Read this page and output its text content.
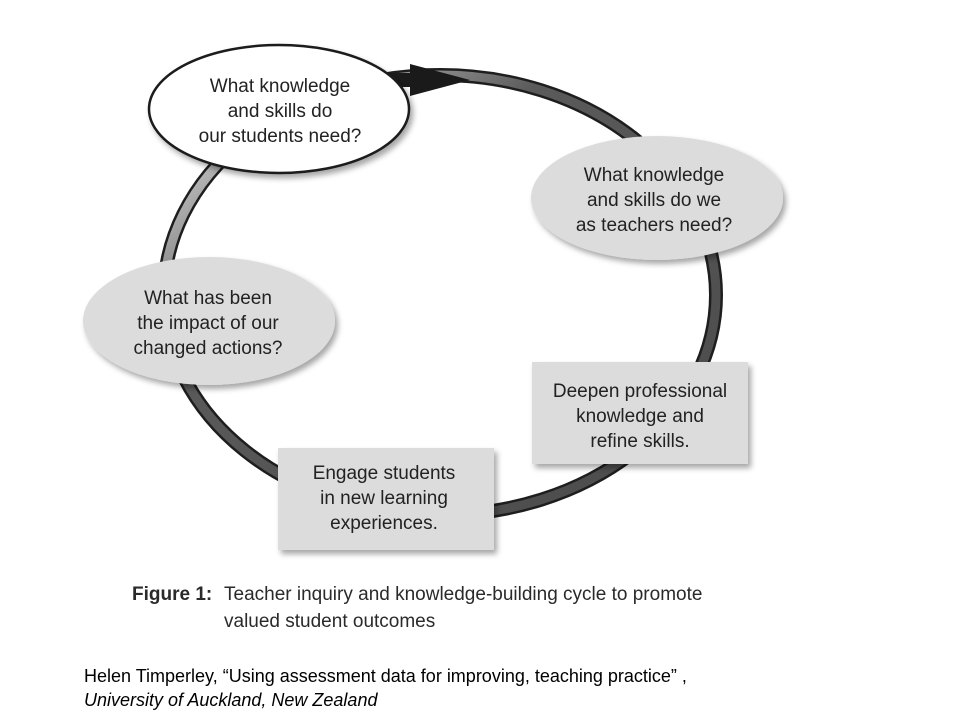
What knowledge
and skills do
our students need?
What knowledge
and skills do we
as teachers need?
What has been
the impact of our
changed actions?
Deepen professional
knowledge and
refine skills.
Engage students
in new learning
experiences.
Figure 1: Teacher inquiry and knowledge-building cycle to promote
valued student outcomes
Helen Timperley, “Using assessment data for improving, teaching practice” ,
University of Auckland, New Zealand
